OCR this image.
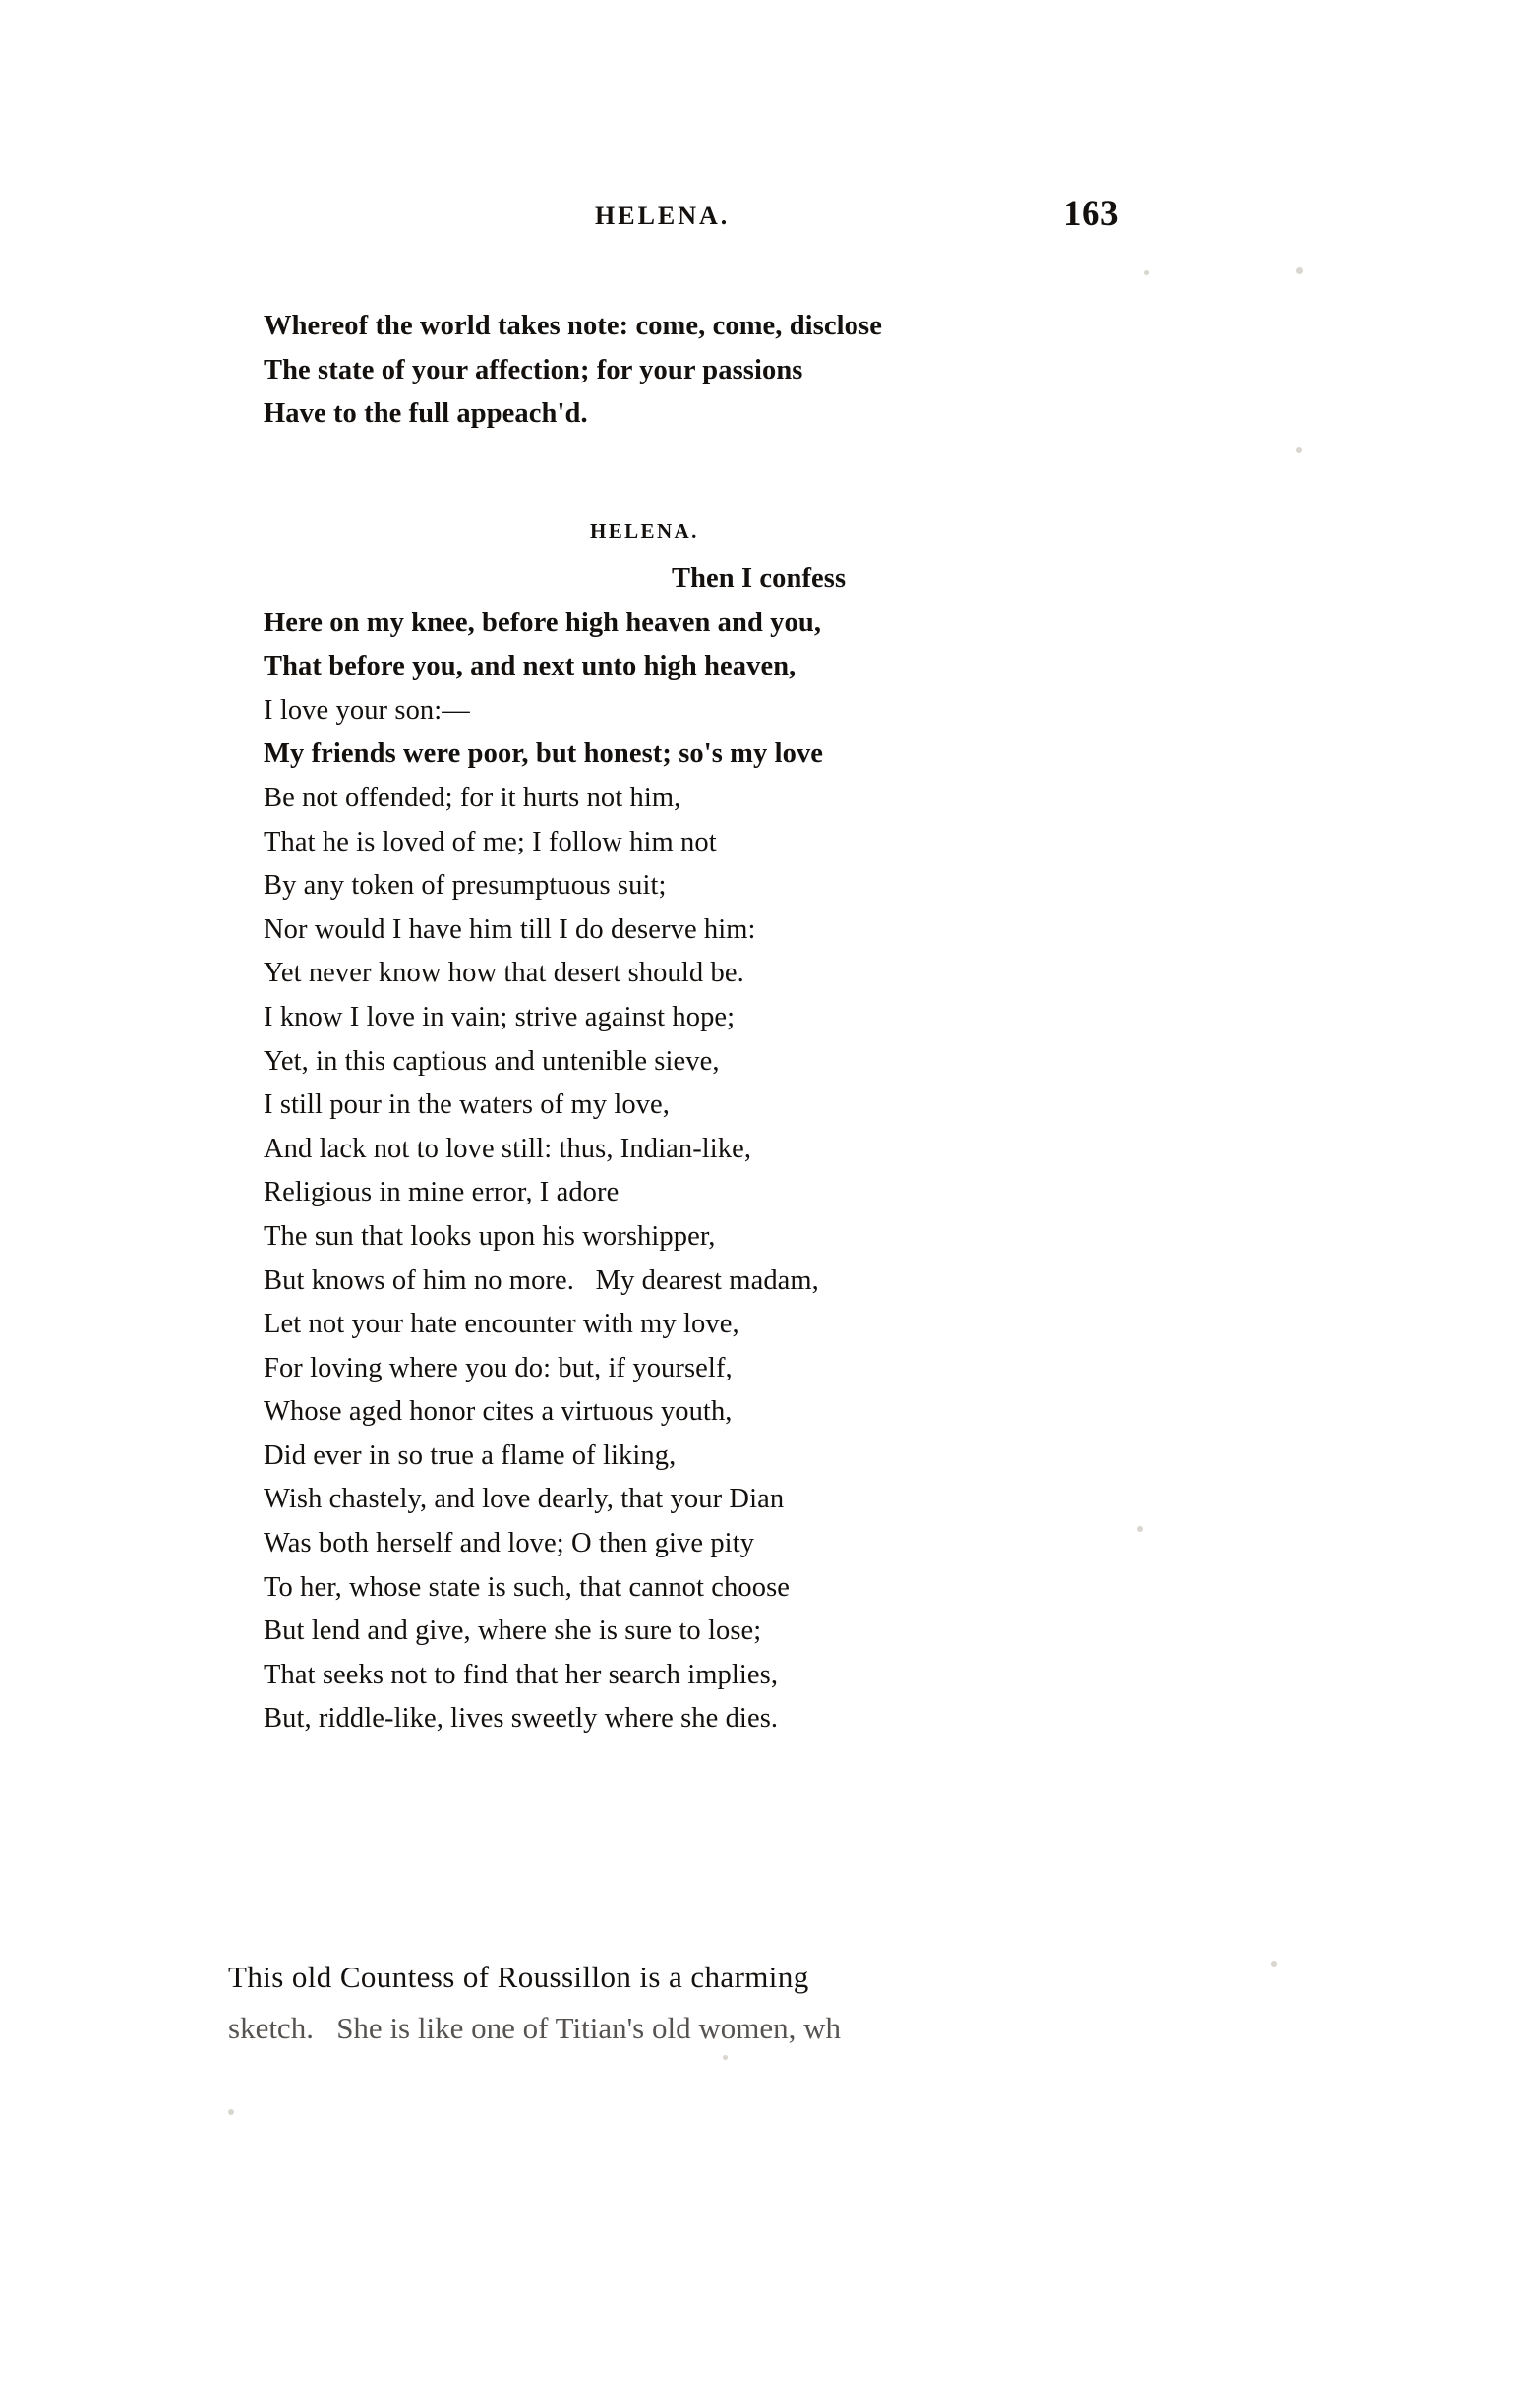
HELENA.	163
Whereof the world takes note: come, come, disclose
The state of your affection; for your passions
Have to the full appeach'd.
HELENA.
Then I confess
Here on my knee, before high heaven and you,
That before you, and next unto high heaven,
I love your son:—
My friends were poor, but honest; so's my love
Be not offended; for it hurts not him,
That he is loved of me; I follow him not
By any token of presumptuous suit;
Nor would I have him till I do deserve him:
Yet never know how that desert should be.
I know I love in vain; strive against hope;
Yet, in this captious and untenible sieve,
I still pour in the waters of my love,
And lack not to love still: thus, Indian-like,
Religious in mine error, I adore
The sun that looks upon his worshipper,
But knows of him no more.   My dearest madam,
Let not your hate encounter with my love,
For loving where you do: but, if yourself,
Whose aged honor cites a virtuous youth,
Did ever in so true a flame of liking,
Wish chastely, and love dearly, that your Dian
Was both herself and love; O then give pity
To her, whose state is such, that cannot choose
But lend and give, where she is sure to lose;
That seeks not to find that her search implies,
But, riddle-like, lives sweetly where she dies.
This old Countess of Roussillon is a charming
sketch.   She is like one of Titian's old women, wh
